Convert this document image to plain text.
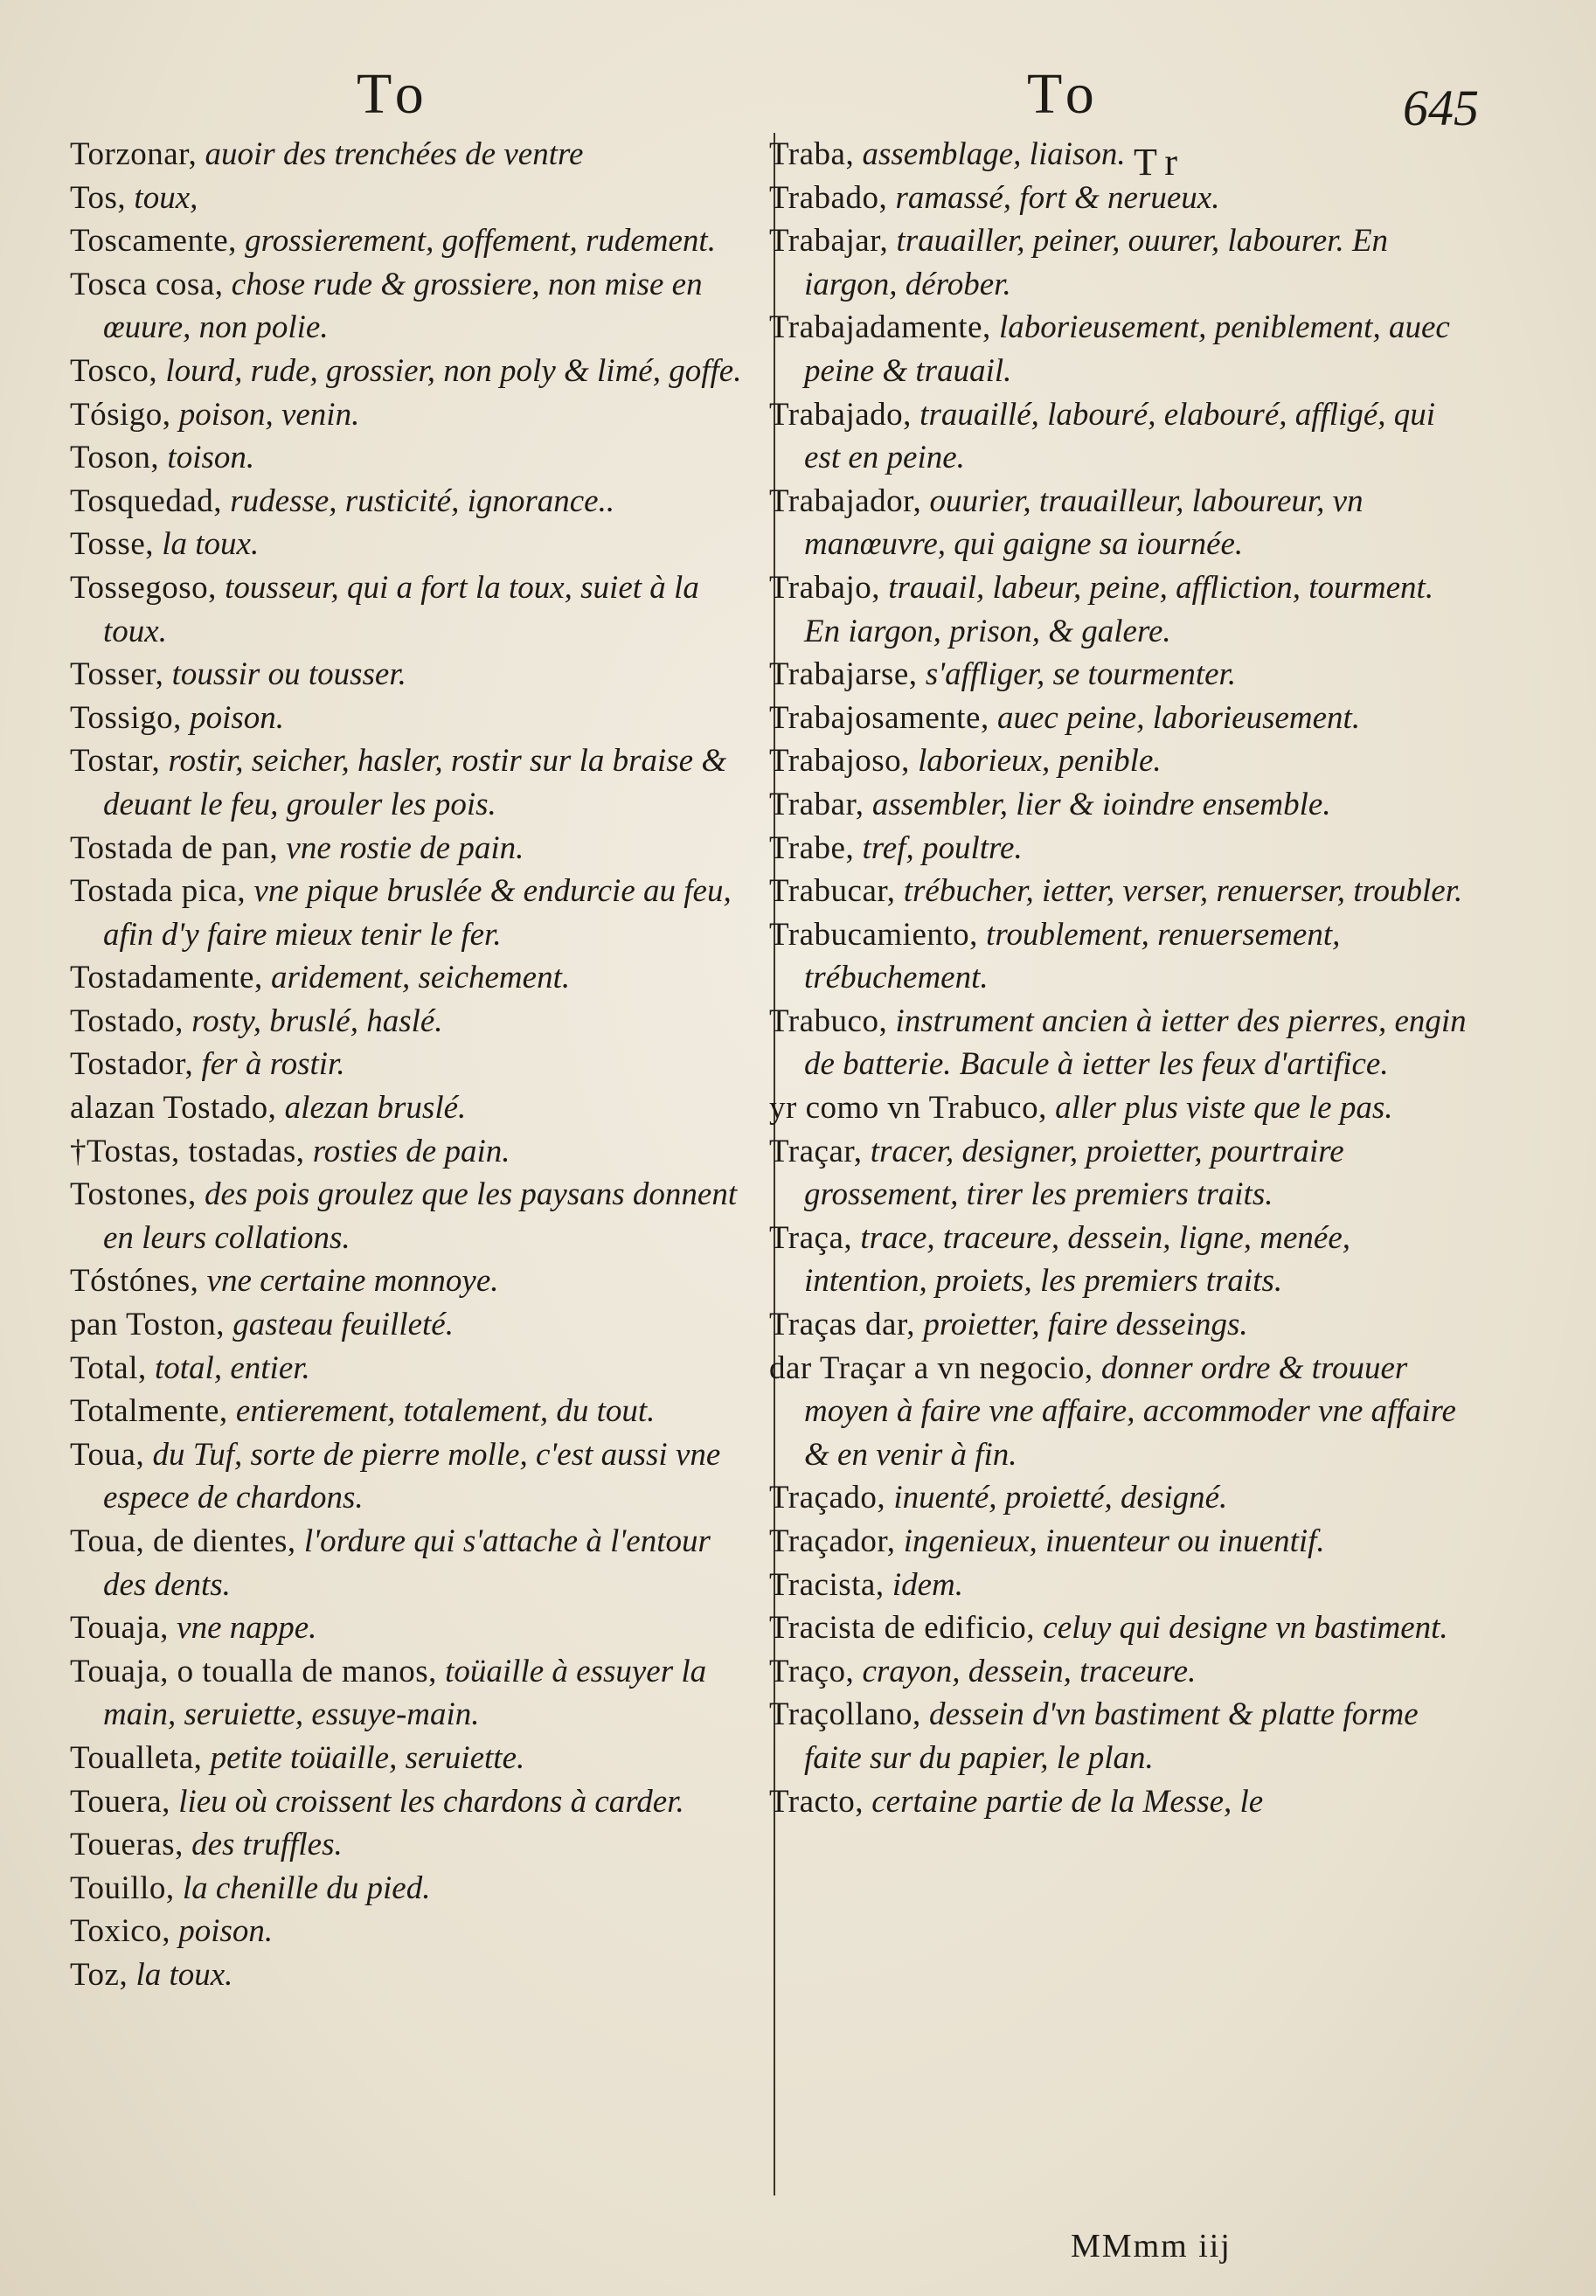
To	To	645
Tr

Torzonar, auoir des trenchées de ventre

Tos, toux,

Toscamente, grossierement, goffement, rudement.

Tosca cosa, chose rude & grossiere, non mise en œuure, non polie.

Tosco, lourd, rude, grossier, non poly & limé, goffe.

Tósigo, poison, venin.

Toson, toison.

Tosquedad, rudesse, rusticité, ignorance..

Tosse, la toux.

Tossegoso, tousseur, qui a fort la toux, suiet à la toux.

Tosser, toussir ou tousser.

Tossigo, poison.

Tostar, rostir, seicher, hasler, rostir sur la braise & deuant le feu, grouler les pois.

Tostada de pan, vne rostie de pain.

Tostada pica, vne pique bruslée & endurcie au feu, afin d'y faire mieux tenir le fer.

Tostadamente, aridement, seichement.

Tostado, rosty, bruslé, haslé.

Tostador, fer à rostir.

alazan Tostado, alezan bruslé.

†Tostas, tostadas, rosties de pain.

Tostones, des pois groulez que les paysans donnent en leurs collations.

Tóstónes, vne certaine monnoye.

pan Toston, gasteau feuilleté.

Total, total, entier.

Totalmente, entierement, totalement, du tout.

Toua, du Tuf, sorte de pierre molle, c'est aussi vne espece de chardons.

Toua, de dientes, l'ordure qui s'attache à l'entour des dents.

Touaja, vne nappe.

Touaja, o toualla de manos, toüaille à essuyer la main, seruiette, essuye-main.

Toualleta, petite toüaille, seruiette.

Touera, lieu où croissent les chardons à carder.

Toueras, des truffles.

Touillo, la chenille du pied.

Toxico, poison.

Toz, la toux.

Traba, assemblage, liaison.

Trabado, ramassé, fort & neruеux.

Trabajar, trauailler, peiner, ouurer, labourer. En iargon, dérober.

Trabajadamente, laborieusement, peniblement, auec peine & trauail.

Trabajado, trauaillé, labouré, elabouré, affligé, qui est en peine.

Trabajador, ouurier, trauailleur, laboureur, vn manœuvre, qui gaigne sa iournée.

Trabajo, trauail, labeur, peine, affliction, tourment. En iargon, prison, & galere.

Trabajarse, s'affliger, se tourmenter.

Trabajosamente, auec peine, laborieusement.

Trabajoso, laborieux, penible.

Trabar, assembler, lier & ioindre ensemble.

Trabe, tref, poultre.

Trabucar, trébucher, ietter, verser, renuerser, troubler.

Trabucamiento, troublement, renuersement, trébuchement.

Trabuco, instrument ancien à ietter des pierres, engin de batterie. Bacule à ietter les feux d'artifice.

yr como vn Trabuco, aller plus viste que le pas.

Traçar, tracer, designer, proietter, pourtraire grossement, tirer les premiers traits.

Traça, trace, traceure, dessein, ligne, menée, intention, proiets, les premiers traits.

Traças dar, proietter, faire desseings.

dar Traçar a vn negocio, donner ordre & trouuer moyen à faire vne affaire, accommoder vne affaire & en venir à fin.

Traçado, inuenté, proietté, designé.

Traçador, ingenieux, inuenteur ou inuentif.

Tracista, idem.

Tracista de edificio, celuy qui designe vn bastiment.

Traço, crayon, dessein, traceure.

Traçollano, dessein d'vn bastiment & platte forme faite sur du papier, le plan.

Tracto, certaine partie de la Messe, le

MMmm iij
